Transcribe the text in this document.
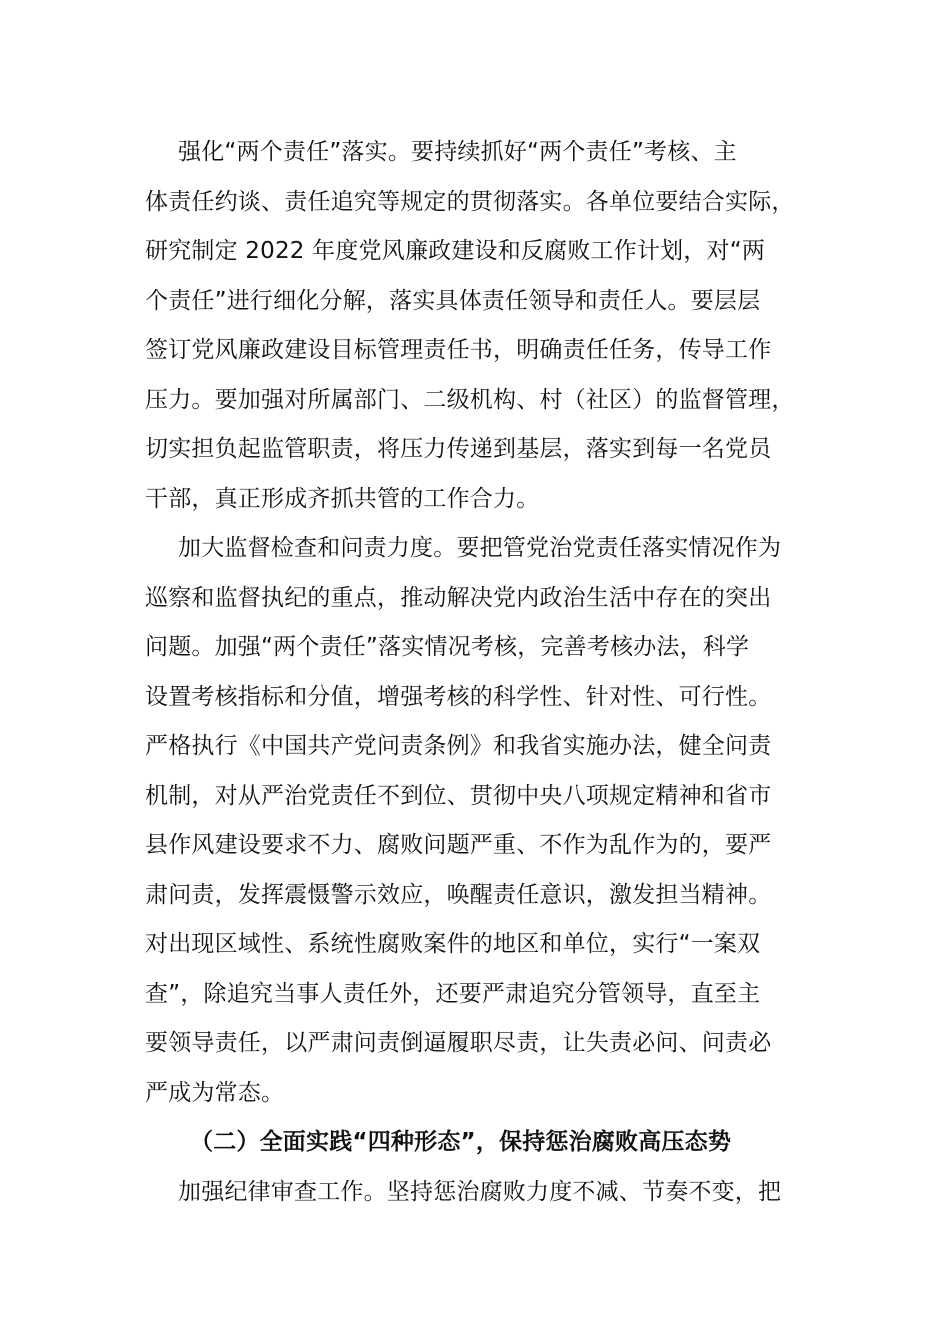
强化“两个责任”落实。要持续抓好“两个责任”考核、主
体责任约谈、责任追究等规定的贯彻落实。各单位要结合实际，
研究制定 2022 年度党风廉政建设和反腐败工作计划，对“两
个责任”进行细化分解，落实具体责任领导和责任人。要层层
签订党风廉政建设目标管理责任书，明确责任任务，传导工作
压力。要加强对所属部门、二级机构、村（社区）的监督管理，
切实担负起监管职责，将压力传递到基层，落实到每一名党员
干部，真正形成齐抓共管的工作合力。
加大监督检查和问责力度。要把管党治党责任落实情况作为
巡察和监督执纪的重点，推动解决党内政治生活中存在的突出
问题。加强“两个责任”落实情况考核，完善考核办法，科学
设置考核指标和分值，增强考核的科学性、针对性、可行性。
严格执行《中国共产党问责条例》和我省实施办法，健全问责
机制，对从严治党责任不到位、贯彻中央八项规定精神和省市
县作风建设要求不力、腐败问题严重、不作为乱作为的，要严
肃问责，发挥震慑警示效应，唤醒责任意识，激发担当精神。
对出现区域性、系统性腐败案件的地区和单位，实行“一案双
查”，除追究当事人责任外，还要严肃追究分管领导，直至主
要领导责任，以严肃问责倒逼履职尽责，让失责必问、问责必
严成为常态。
（二）全面实践“四种形态”，保持惩治腐败高压态势
加强纪律审查工作。坚持惩治腐败力度不减、节奏不变，把
